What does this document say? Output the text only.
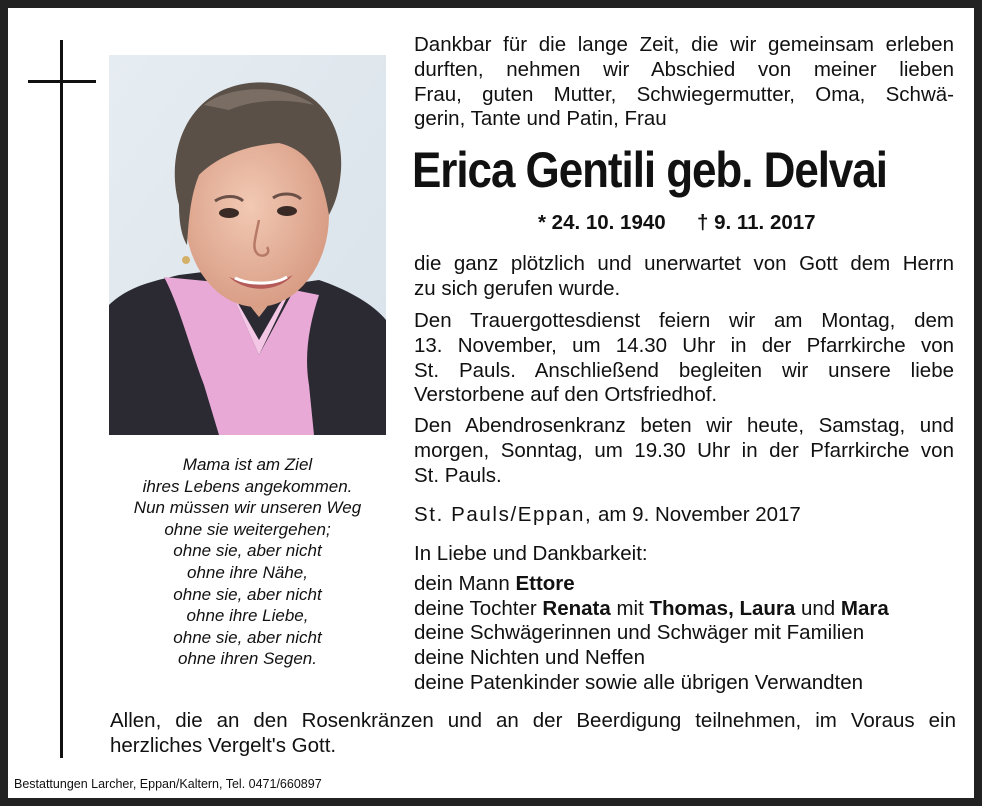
Mama ist am Ziel
ihres Lebens angekommen.
Nun müssen wir unseren Weg
ohne sie weitergehen;
ohne sie, aber nicht
ohne ihre Nähe,
ohne sie, aber nicht
ohne ihre Liebe,
ohne sie, aber nicht
ohne ihren Segen.
Dankbar für die lange Zeit, die wir gemeinsam erleben
durften, nehmen wir Abschied von meiner lieben
Frau, guten Mutter, Schwiegermutter, Oma, Schwä-
gerin, Tante und Patin, Frau
Erica Gentili geb. Delvai
* 24. 10. 1940 † 9. 11. 2017
die ganz plötzlich und unerwartet von Gott dem Herrn
zu sich gerufen wurde.
Den Trauergottesdienst feiern wir am Montag, dem
13. November, um 14.30 Uhr in der Pfarrkirche von
St. Pauls. Anschließend begleiten wir unsere liebe
Verstorbene auf den Ortsfriedhof.
Den Abendrosenkranz beten wir heute, Samstag, und
morgen, Sonntag, um 19.30 Uhr in der Pfarrkirche von
St. Pauls.
St. Pauls/Eppan, am 9. November 2017
In Liebe und Dankbarkeit:
dein Mann Ettore
deine Tochter Renata mit Thomas, Laura und Mara
deine Schwägerinnen und Schwäger mit Familien
deine Nichten und Neffen
deine Patenkinder sowie alle übrigen Verwandten
Allen, die an den Rosenkränzen und an der Beerdigung teilnehmen, im Voraus ein
herzliches Vergelt's Gott.
Bestattungen Larcher, Eppan/Kaltern, Tel. 0471/660897
